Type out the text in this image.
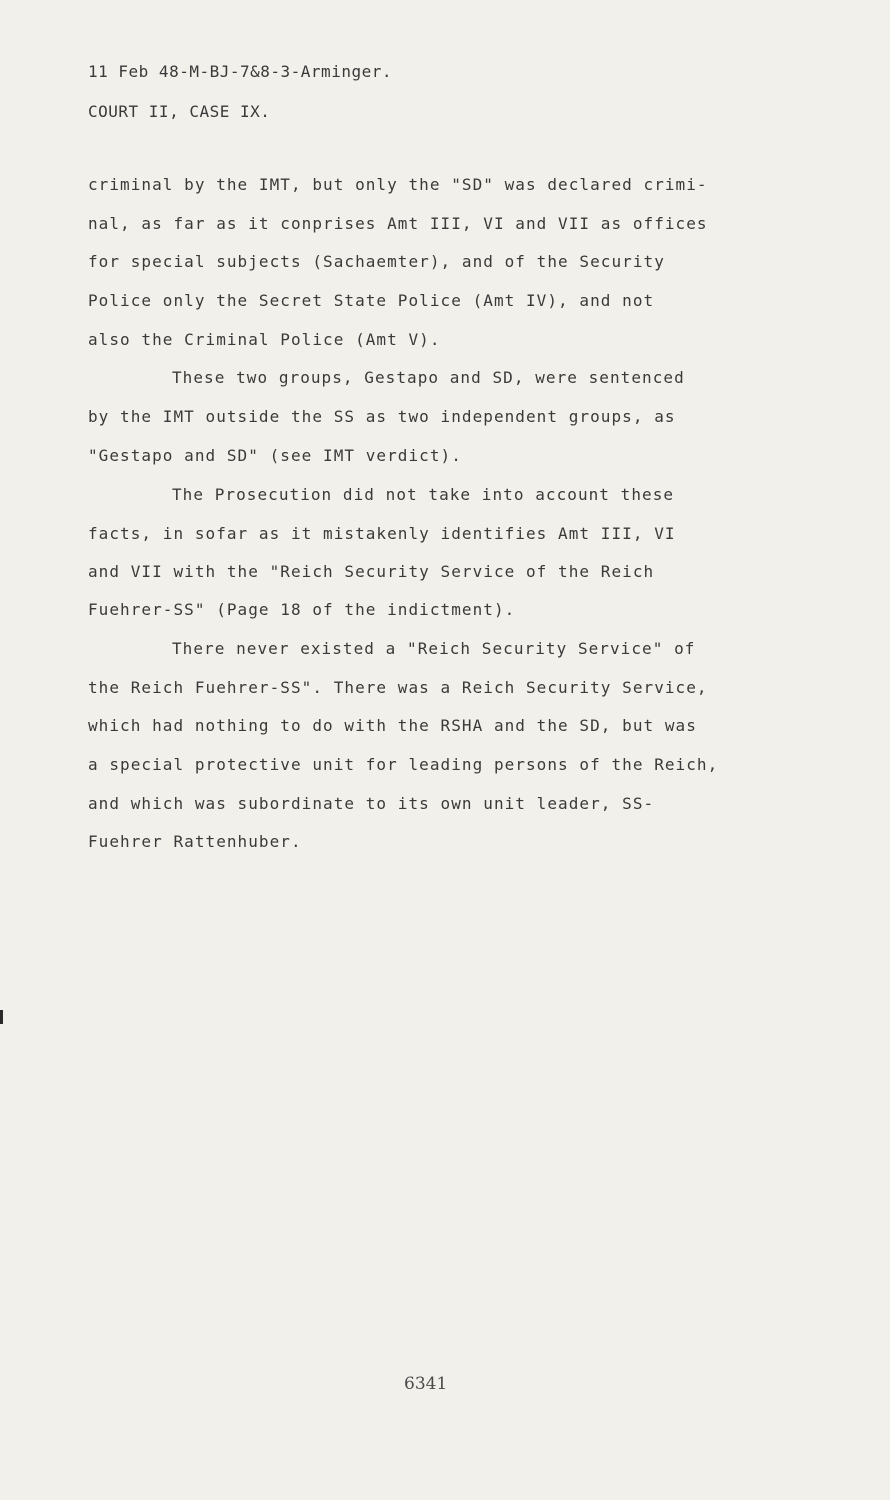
11 Feb 48-M-BJ-7&8-3-Arminger.
COURT II, CASE IX.
criminal by the IMT, but only the "SD" was declared crimi-
nal, as far as it conprises Amt III, VI and VII as offices
for special subjects (Sachaemter), and of the Security
Police only the Secret State Police (Amt IV), and not
also the Criminal Police (Amt V).
These two groups, Gestapo and SD, were sentenced
by the IMT outside the SS as two independent groups, as
"Gestapo and SD" (see IMT verdict).
The Prosecution did not take into account these
facts, in sofar as it mistakenly identifies Amt III, VI
and VII with the "Reich Security Service of the Reich
Fuehrer-SS" (Page 18 of the indictment).
There never existed a "Reich Security Service" of
the Reich Fuehrer-SS". There was a Reich Security Service,
which had nothing to do with the RSHA and the SD, but was
a special protective unit for leading persons of the Reich,
and which was subordinate to its own unit leader, SS-
Fuehrer Rattenhuber.
6341
